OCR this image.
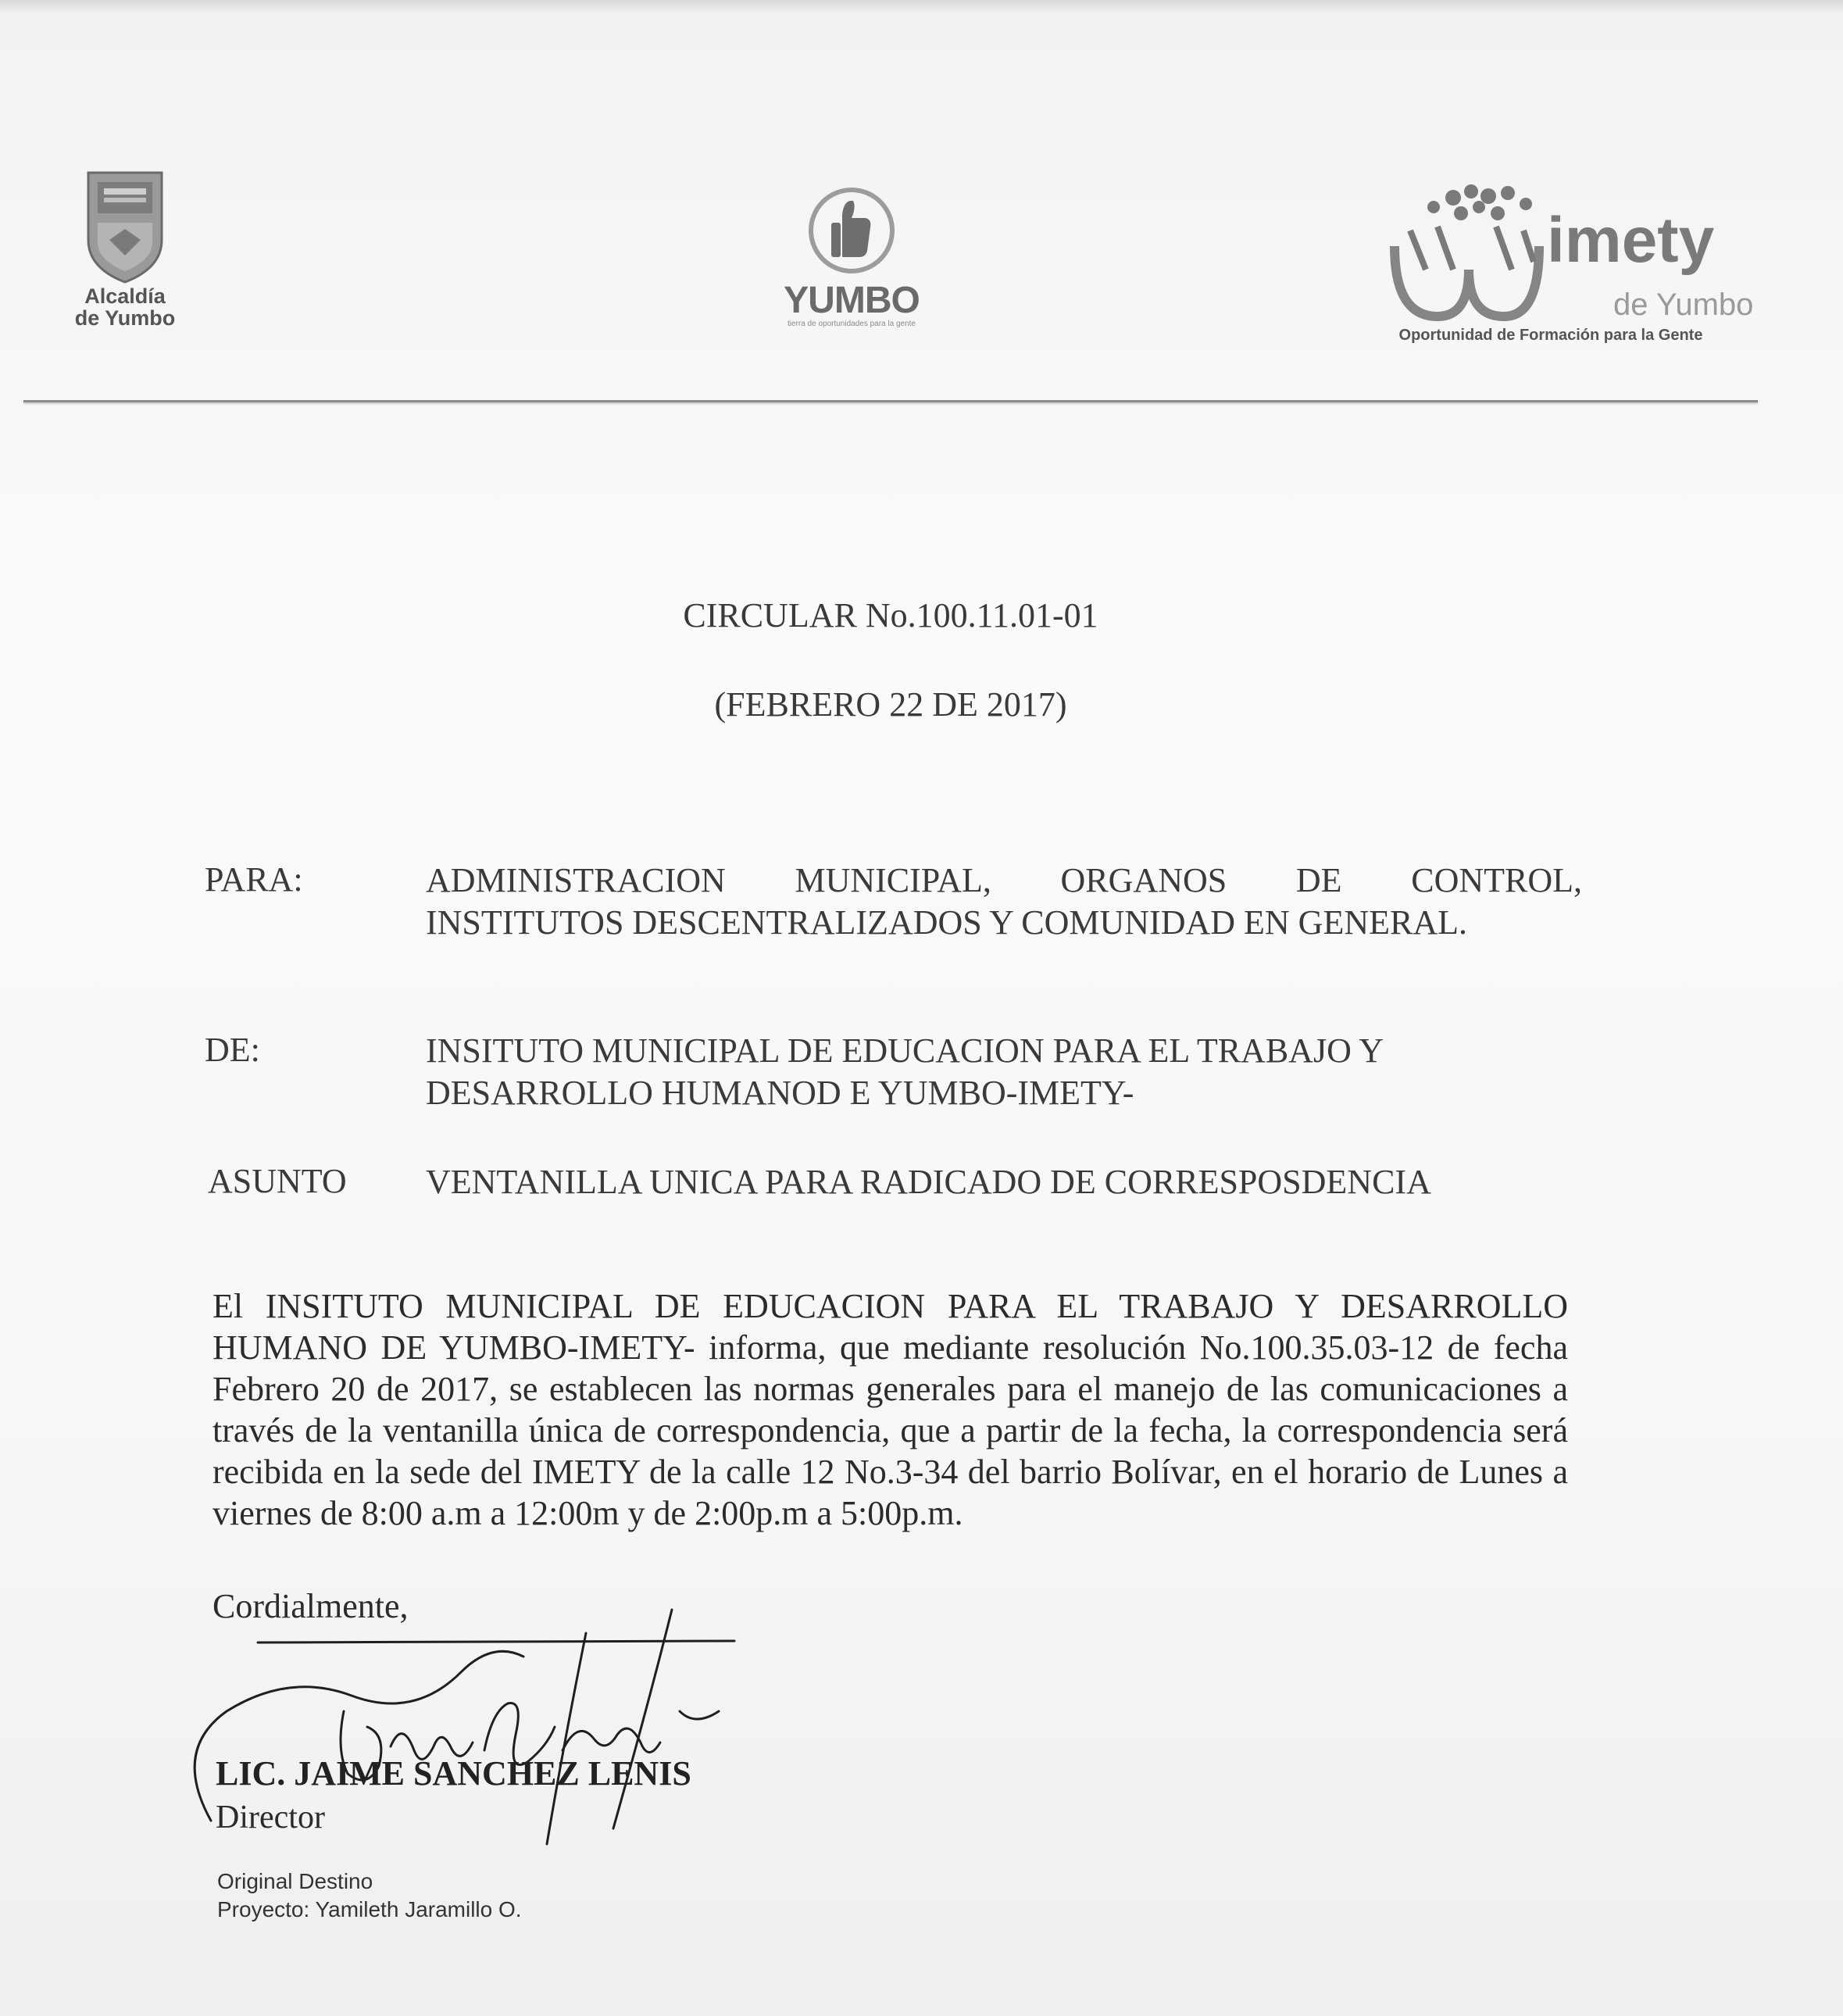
Alcaldía
de Yumbo	YUMBO
tierra de oportunidades para la gente
imety
de Yumbo
Oportunidad de Formación para la Gente
CIRCULAR No.100.11.01-01
(FEBRERO 22 DE 2017)
PARA:	ADMINISTRACION MUNICIPAL, ORGANOS DE CONTROL,
INSTITUTOS DESCENTRALIZADOS Y COMUNIDAD EN GENERAL.
DE:	INSITUTO MUNICIPAL DE EDUCACION PARA EL TRABAJO Y
DESARROLLO HUMANOD E YUMBO-IMETY-
ASUNTO VENTANILLA UNICA PARA RADICADO DE CORRESPOSDENCIA
El INSITUTO MUNICIPAL DE EDUCACION PARA EL TRABAJO Y DESARROLLO HUMANO DE YUMBO-IMETY- informa, que mediante resolución No.100.35.03-12 de fecha Febrero 20 de 2017, se establecen las normas generales para el manejo de las comunicaciones a través de la ventanilla única de correspondencia, que a partir de la fecha, la correspondencia será recibida en la sede del IMETY de la calle 12 No.3-34 del barrio Bolívar, en el horario de Lunes a viernes de 8:00 a.m a 12:00m y de 2:00p.m a 5:00p.m.
Cordialmente,
LIC. JAIME SANCHEZ LENIS
Director
Original Destino
Proyecto: Yamileth Jaramillo O.
